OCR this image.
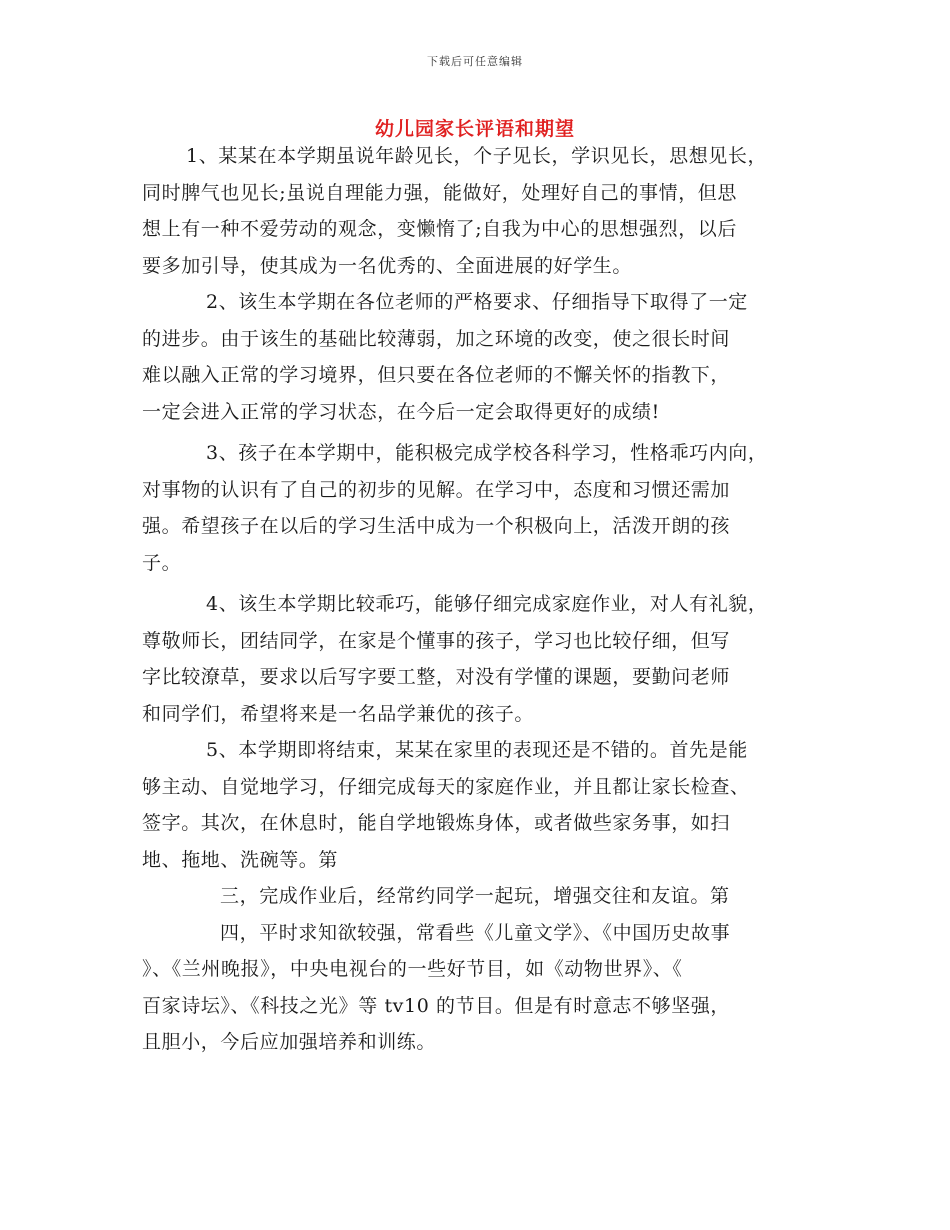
下载后可任意编辑
幼儿园家长评语和期望
1、某某在本学期虽说年龄见长，个子见长，学识见长，思想见长，
同时脾气也见长;虽说自理能力强，能做好，处理好自己的事情，但思
想上有一种不爱劳动的观念，变懒惰了;自我为中心的思想强烈，以后
要多加引导，使其成为一名优秀的、全面进展的好学生。
2、该生本学期在各位老师的严格要求、仔细指导下取得了一定
的进步。由于该生的基础比较薄弱，加之环境的改变，使之很长时间
难以融入正常的学习境界，但只要在各位老师的不懈关怀的指教下，
一定会进入正常的学习状态，在今后一定会取得更好的成绩!
3、孩子在本学期中，能积极完成学校各科学习，性格乖巧内向，
对事物的认识有了自己的初步的见解。在学习中，态度和习惯还需加
强。希望孩子在以后的学习生活中成为一个积极向上，活泼开朗的孩
子。
4、该生本学期比较乖巧，能够仔细完成家庭作业，对人有礼貌，
尊敬师长，团结同学，在家是个懂事的孩子，学习也比较仔细，但写
字比较潦草，要求以后写字要工整，对没有学懂的课题，要勤问老师
和同学们，希望将来是一名品学兼优的孩子。
5、本学期即将结束，某某在家里的表现还是不错的。首先是能
够主动、自觉地学习，仔细完成每天的家庭作业，并且都让家长检查、
签字。其次，在休息时，能自学地锻炼身体，或者做些家务事，如扫
地、拖地、洗碗等。第
三，完成作业后，经常约同学一起玩，增强交往和友谊。第
四，平时求知欲较强，常看些《儿童文学》、《中国历史故事
》、《兰州晚报》，中央电视台的一些好节目，如《动物世界》、《
百家诗坛》、《科技之光》等 tv10 的节目。但是有时意志不够坚强，
且胆小，今后应加强培养和训练。
